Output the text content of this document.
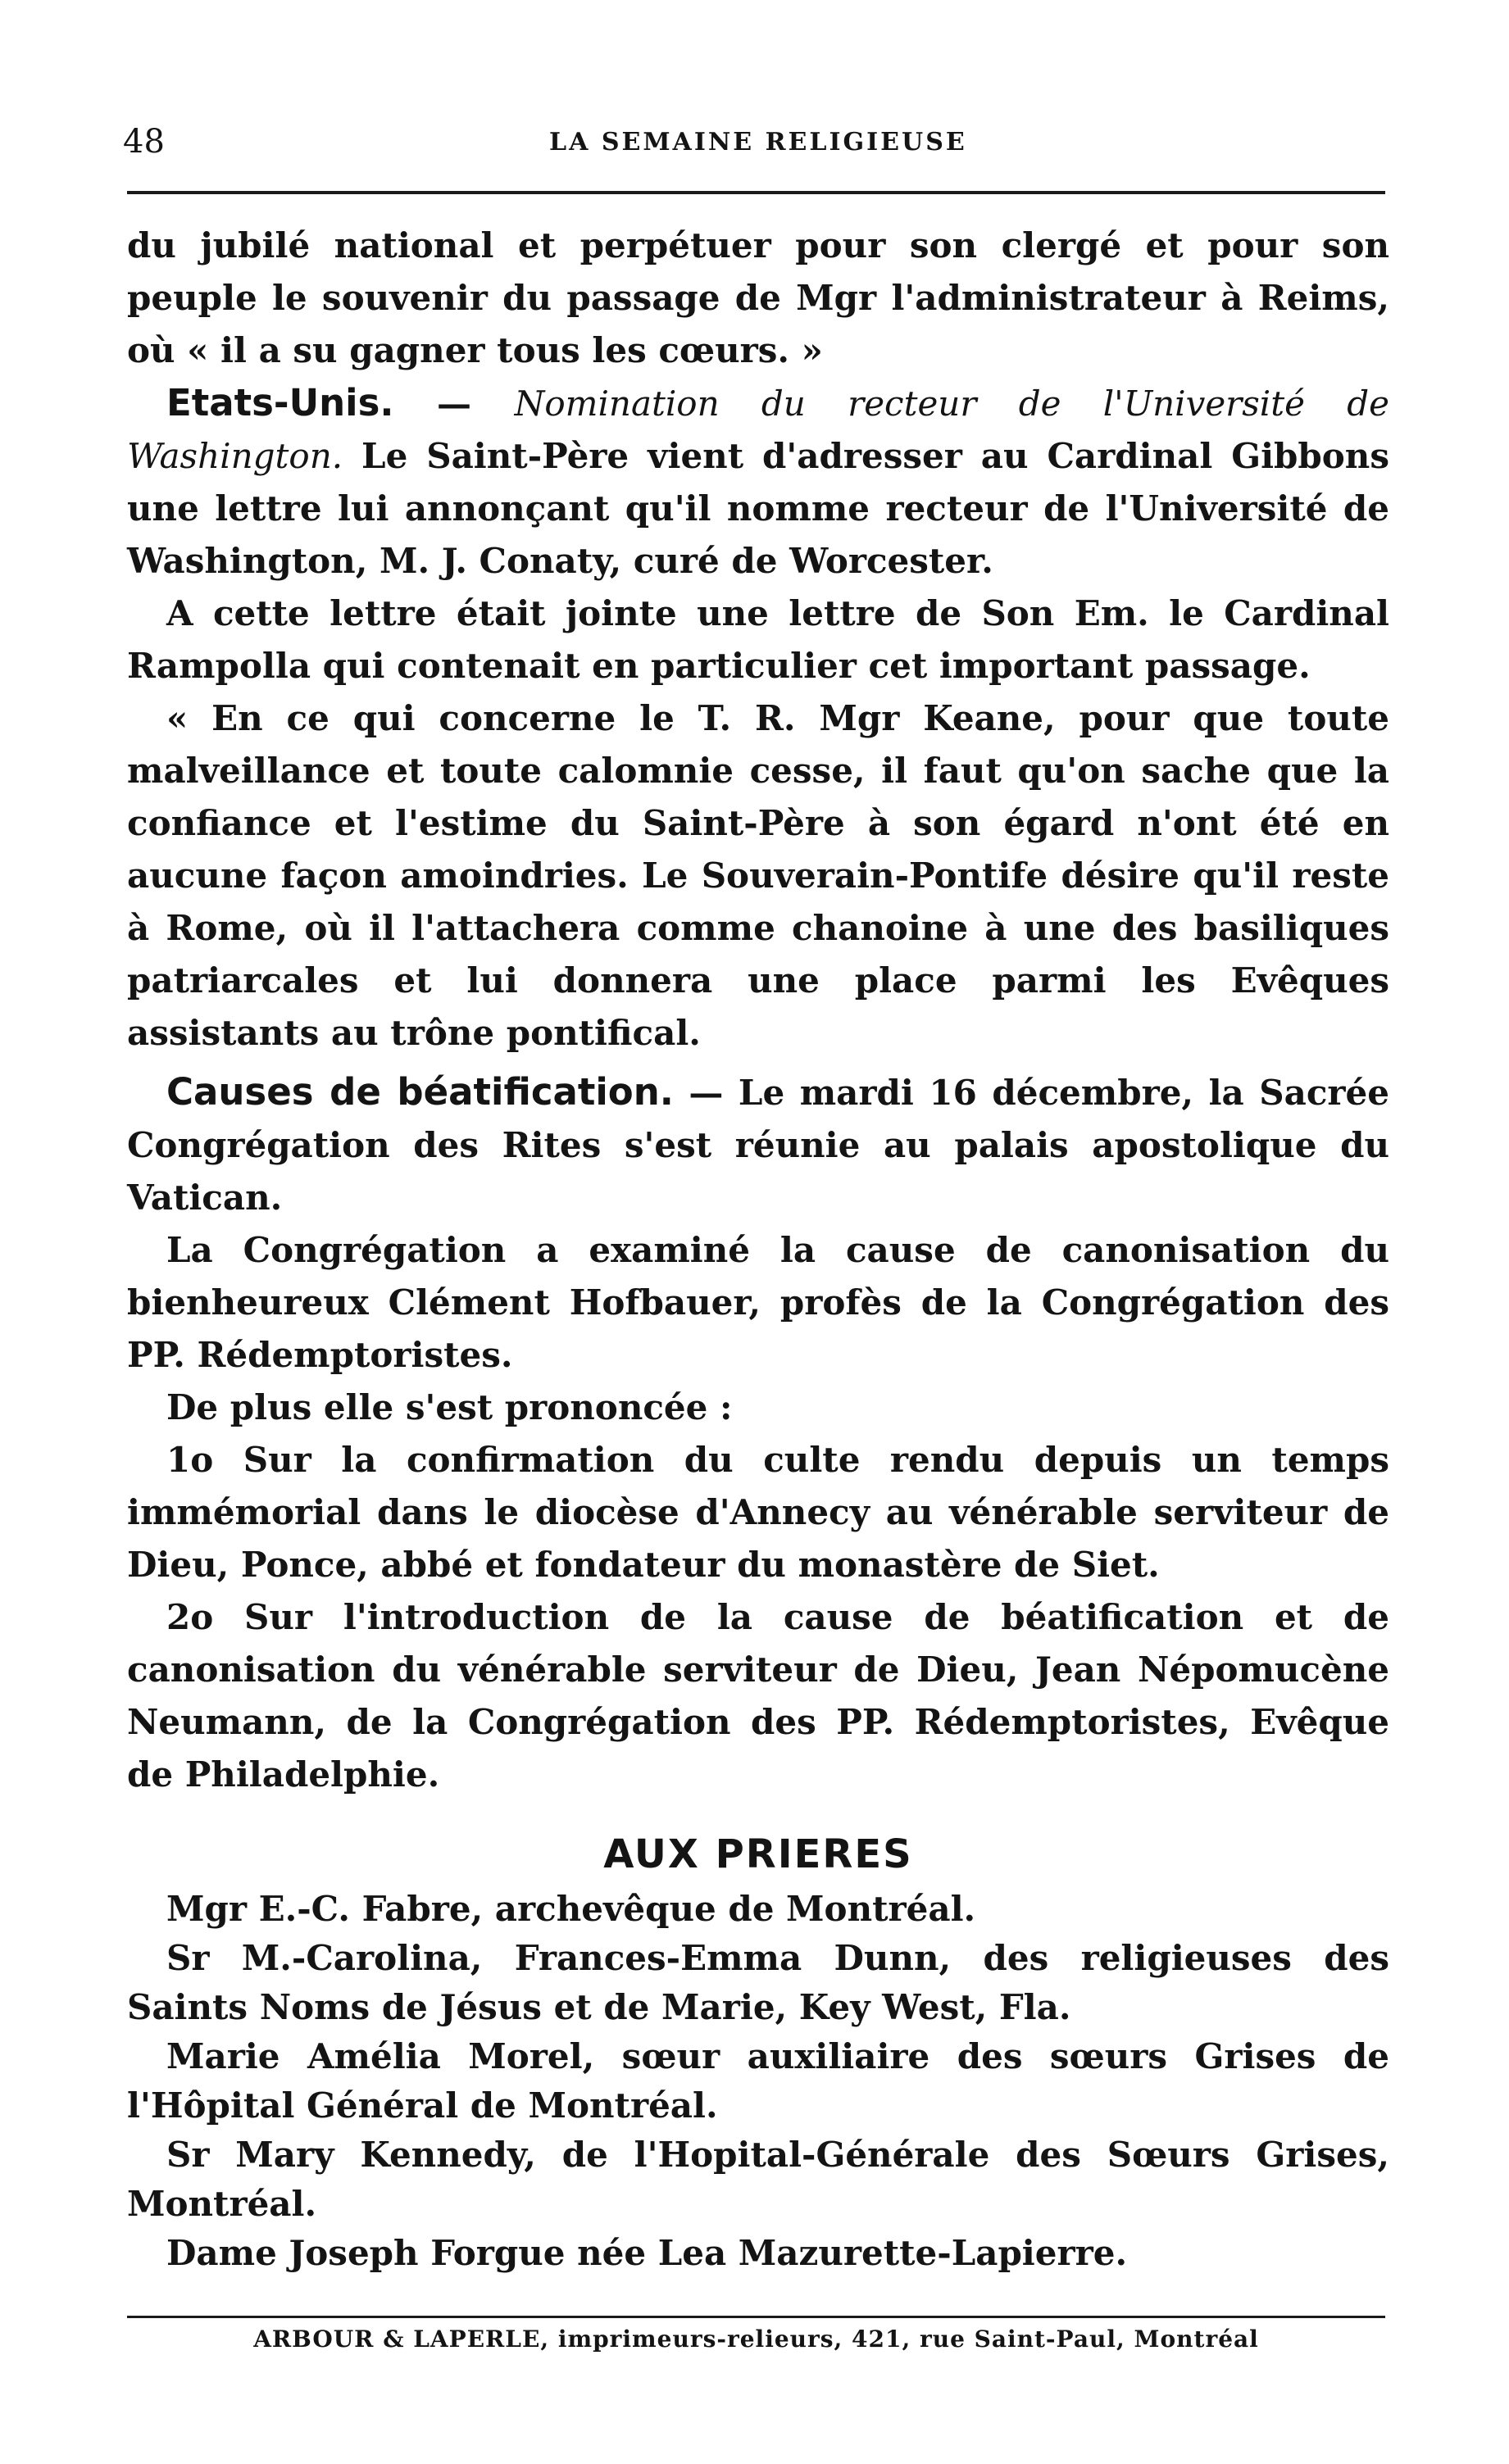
48	LA SEMAINE RELIGIEUSE

du jubilé national et perpétuer pour son clergé et pour son peuple le souvenir du passage de Mgr l'administrateur à Reims, où « il a su gagner tous les cœurs. »

Etats-Unis. — Nomination du recteur de l'Université de Washington. Le Saint-Père vient d'adresser au Cardinal Gibbons une lettre lui annonçant qu'il nomme recteur de l'Université de Washington, M. J. Conaty, curé de Worcester.

A cette lettre était jointe une lettre de Son Em. le Cardinal Rampolla qui contenait en particulier cet important passage.

« En ce qui concerne le T. R. Mgr Keane, pour que toute malveillance et toute calomnie cesse, il faut qu'on sache que la confiance et l'estime du Saint-Père à son égard n'ont été en aucune façon amoindries. Le Souverain-Pontife désire qu'il reste à Rome, où il l'attachera comme chanoine à une des basiliques patriarcales et lui donnera une place parmi les Evêques assistants au trône pontifical.

Causes de béatification. — Le mardi 16 décembre, la Sacrée Congrégation des Rites s'est réunie au palais apostolique du Vatican.

La Congrégation a examiné la cause de canonisation du bienheureux Clément Hofbauer, profès de la Congrégation des PP. Rédemptoristes.

De plus elle s'est prononcée :

1o Sur la confirmation du culte rendu depuis un temps immémorial dans le diocèse d'Annecy au vénérable serviteur de Dieu, Ponce, abbé et fondateur du monastère de Siet.

2o Sur l'introduction de la cause de béatification et de canonisation du vénérable serviteur de Dieu, Jean Népomucène Neumann, de la Congrégation des PP. Rédemptoristes, Evêque de Philadelphie.

AUX PRIERES

Mgr E.-C. Fabre, archevêque de Montréal.

Sr M.-Carolina, Frances-Emma Dunn, des religieuses des Saints Noms de Jésus et de Marie, Key West, Fla.

Marie Amélia Morel, sœur auxiliaire des sœurs Grises de l'Hôpital Général de Montréal.

Sr Mary Kennedy, de l'Hopital-Générale des Sœurs Grises, Montréal.

Dame Joseph Forgue née Lea Mazurette-Lapierre.

ARBOUR & LAPERLE, imprimeurs-relieurs, 421, rue Saint-Paul, Montréal
